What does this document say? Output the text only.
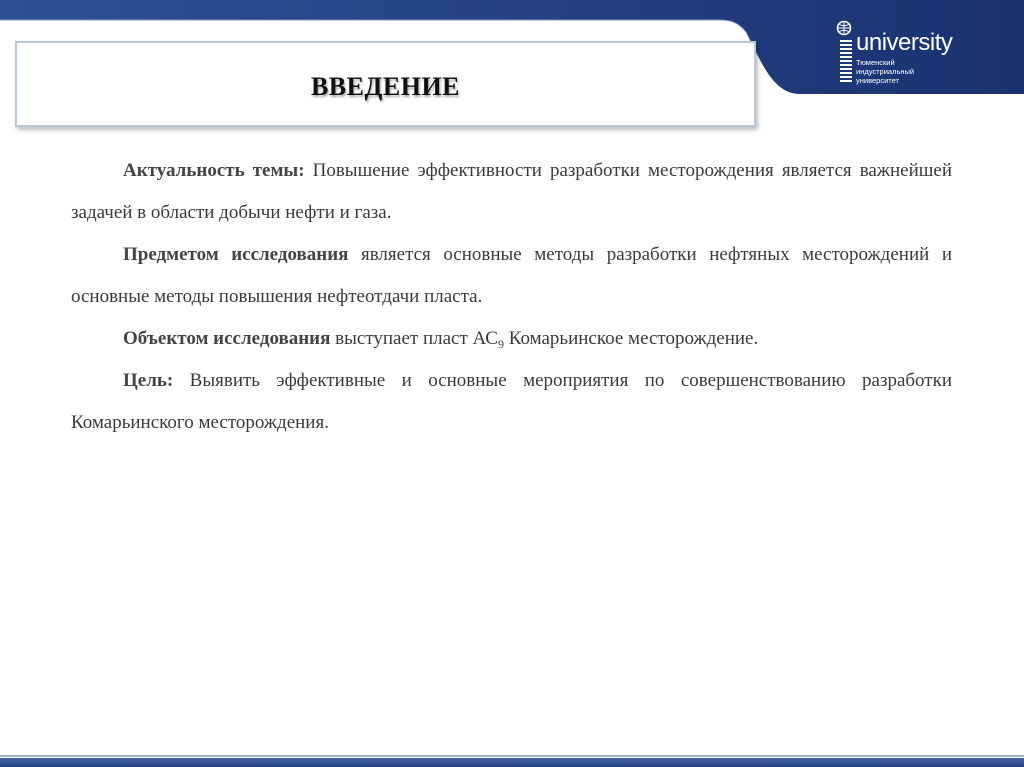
ВВЕДЕНИЕ
university
Тюменский
индустриальный
университет

Актуальность темы: Повышение эффективности разработки месторождения является важнейшей задачей в области добычи нефти и газа.

Предметом исследования является основные методы разработки нефтяных месторождений и основные методы повышения нефтеотдачи пласта.

Объектом исследования выступает пласт $АС_9$ Комарьинское месторождение.

Цель: Выявить эффективные и основные мероприятия по совершенствованию разработки Комарьинского месторождения.
